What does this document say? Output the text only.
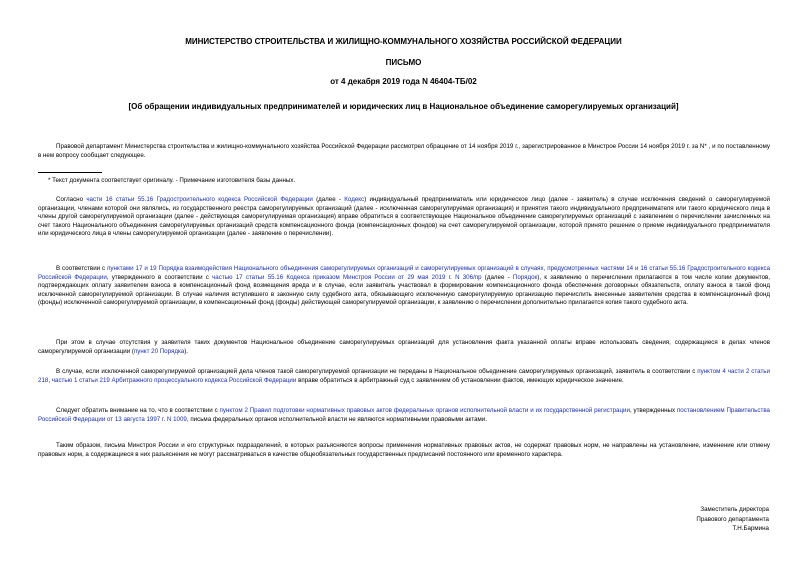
МИНИСТЕРСТВО СТРОИТЕЛЬСТВА И ЖИЛИЩНО-КОММУНАЛЬНОГО ХОЗЯЙСТВА РОССИЙСКОЙ ФЕДЕРАЦИИ
ПИСЬМО
от 4 декабря 2019 года N 46404-ТБ/02
[Об обращении индивидуальных предпринимателей и юридических лиц в Национальное объединение саморегулируемых организаций]
Правовой департамент Министерства строительства и жилищно-коммунального хозяйства Российской Федерации рассмотрел обращение от 14 ноября 2019 г., зарегистрированное в Минстрое России 14 ноября 2019 г. за N* , и по поставленному в нем вопросу сообщает следующее.
* Текст документа соответствует оригиналу. - Примечание изготовителя базы данных.
Согласно части 16 статьи 55.16 Градостроительного кодекса Российской Федерации (далее - Кодекс) индивидуальный предприниматель или юридическое лицо (далее - заявитель) в случае исключения сведений о саморегулируемой организации, членами которой они являлись, из государственного реестра саморегулируемых организаций (далее - исключенная саморегулируемая организация) и принятия такого индивидуального предпринимателя или такого юридического лица в члены другой саморегулируемой организации (далее - действующая саморегулируемая организация) вправе обратиться в соответствующее Национальное объединение саморегулируемых организаций с заявлением о перечислении зачисленных на счет такого Национального объединения саморегулируемых организаций средств компенсационного фонда (компенсационных фондов) на счет саморегулируемой организации, которой принято решение о приеме индивидуального предпринимателя или юридического лица в члены саморегулируемой организации (далее - заявление о перечислении).
В соответствии с пунктами 17 и 19 Порядка взаимодействия Национального объединения саморегулируемых организаций и саморегулируемых организаций в случаях, предусмотренных частями 14 и 16 статьи 55.16 Градостроительного кодекса Российской Федерации, утвержденного в соответствии с частью 17 статьи 55.16 Кодекса приказом Минстроя России от 29 мая 2019 г. N 306/пр (далее - Порядок), к заявлению о перечислении прилагаются в том числе копии документов, подтверждающих оплату заявителем взноса в компенсационный фонд возмещения вреда и в случае, если заявитель участвовал в формировании компенсационного фонда обеспечения договорных обязательств, оплату взноса в такой фонд исключенной саморегулируемой организации. В случае наличия вступившего в законную силу судебного акта, обязывающего исключенную саморегулируемую организацию перечислить внесенные заявителем средства в компенсационный фонд (фонды) исключенной саморегулируемой организации, в компенсационный фонд (фонды) действующей саморегулируемой организации, к заявлению о перечислении дополнительно прилагается копия такого судебного акта.
При этом в случае отсутствия у заявителя таких документов Национальное объединение саморегулируемых организаций для установления факта указанной оплаты вправе использовать сведения, содержащиеся в делах членов саморегулируемой организации (пункт 20 Порядка).
В случае, если исключенной саморегулируемой организацией дела членов такой саморегулируемой организации не переданы в Национальное объединение саморегулируемых организаций, заявитель в соответствии с пунктом 4 части 2 статьи 218, частью 1 статьи 219 Арбитражного процессуального кодекса Российской Федерации вправе обратиться в арбитражный суд с заявлением об установлении фактов, имеющих юридическое значение.
Следует обратить внимание на то, что в соответствии с пунктом 2 Правил подготовки нормативных правовых актов федеральных органов исполнительной власти и их государственной регистрации, утвержденных постановлением Правительства Российской Федерации от 13 августа 1997 г. N 1009, письма федеральных органов исполнительной власти не являются нормативными правовыми актами.
Таким образом, письма Минстроя России и его структурных подразделений, в которых разъясняются вопросы применения нормативных правовых актов, не содержат правовых норм, не направлены на установление, изменение или отмену правовых норм, а содержащиеся в них разъяснения не могут рассматриваться в качестве общеобязательных государственных предписаний постоянного или временного характера.
Заместитель директора
Правового департамента
Т.Н.Бармина
